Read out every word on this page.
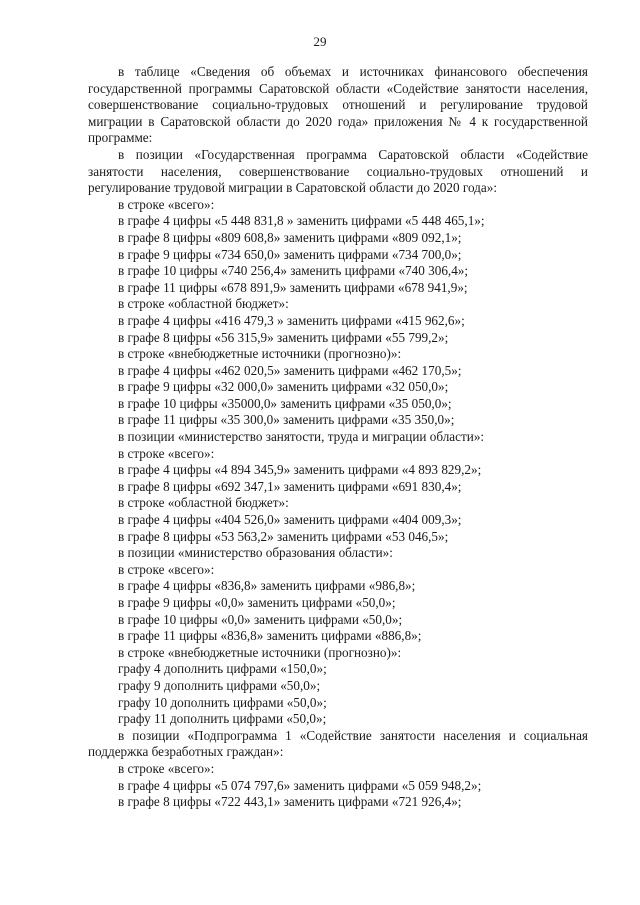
29

в таблице «Сведения об объемах и источниках финансового обеспечения государственной программы Саратовской области «Содействие занятости населения, совершенствование социально-трудовых отношений и регулирование трудовой миграции в Саратовской области до 2020 года» приложения № 4 к государственной программе:

в позиции «Государственная программа Саратовской области «Содействие занятости населения, совершенствование социально-трудовых отношений и регулирование трудовой миграции в Саратовской области до 2020 года»:

в строке «всего»:

в графе 4 цифры «5 448 831,8 » заменить цифрами «5 448 465,1»;

в графе 8 цифры «809 608,8» заменить цифрами «809 092,1»;

в графе 9 цифры «734 650,0» заменить цифрами «734 700,0»;

в графе 10 цифры «740 256,4» заменить цифрами «740 306,4»;

в графе 11 цифры «678 891,9» заменить цифрами «678 941,9»;

в строке «областной бюджет»:

в графе 4 цифры «416 479,3 » заменить цифрами «415 962,6»;

в графе 8 цифры «56 315,9» заменить цифрами «55 799,2»;

в строке «внебюджетные источники (прогнозно)»:

в графе 4 цифры «462 020,5» заменить цифрами «462 170,5»;

в графе 9 цифры «32 000,0» заменить цифрами «32 050,0»;

в графе 10 цифры «35000,0» заменить цифрами «35 050,0»;

в графе 11 цифры «35 300,0» заменить цифрами «35 350,0»;

в позиции «министерство занятости, труда и миграции области»:

в строке «всего»:

в графе 4 цифры «4 894 345,9» заменить цифрами «4 893 829,2»;

в графе 8 цифры «692 347,1» заменить цифрами «691 830,4»;

в строке «областной бюджет»:

в графе 4 цифры «404 526,0» заменить цифрами «404 009,3»;

в графе 8 цифры «53 563,2» заменить цифрами «53 046,5»;

в позиции «министерство образования области»:

в строке «всего»:

в графе 4 цифры «836,8» заменить цифрами «986,8»;

в графе 9 цифры «0,0» заменить цифрами «50,0»;

в графе 10 цифры «0,0» заменить цифрами «50,0»;

в графе 11 цифры «836,8» заменить цифрами «886,8»;

в строке «внебюджетные источники (прогнозно)»:

графу 4 дополнить цифрами «150,0»;

графу 9 дополнить цифрами «50,0»;

графу 10 дополнить цифрами «50,0»;

графу 11 дополнить цифрами «50,0»;

в позиции «Подпрограмма 1 «Содействие занятости населения и социальная поддержка безработных граждан»:

в строке «всего»:

в графе 4 цифры «5 074 797,6» заменить цифрами «5 059 948,2»;

в графе 8 цифры «722 443,1» заменить цифрами «721 926,4»;
